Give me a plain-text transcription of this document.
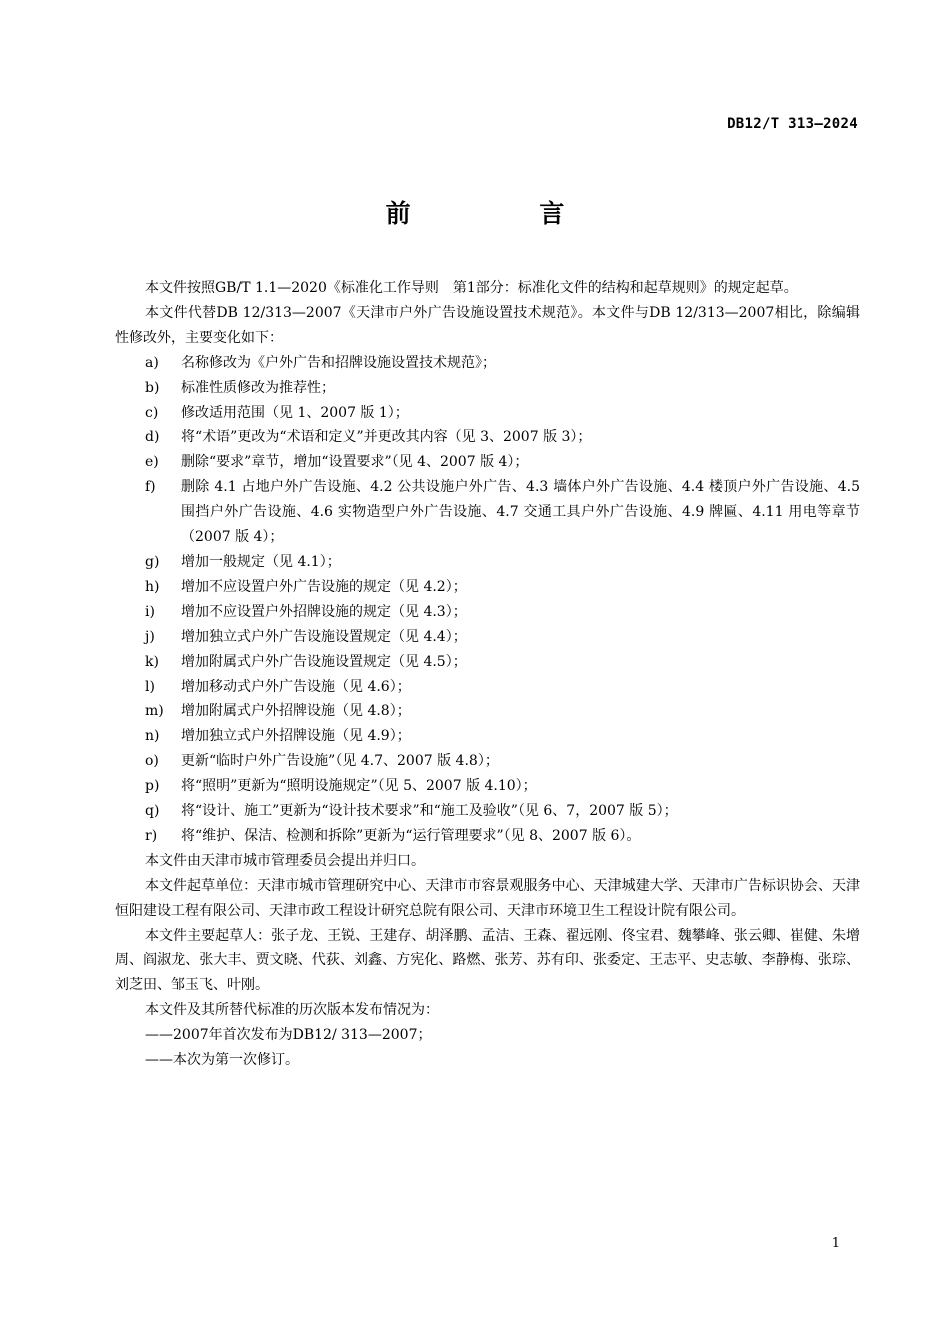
DB12/T 313—2024
前 言

本文件按照GB/T 1.1—2020《标准化工作导则　第1部分：标准化文件的结构和起草规则》的规定起草。

本文件代替DB 12/313—2007《天津市户外广告设施设置技术规范》。本文件与DB 12/313—2007相比，除编辑性修改外，主要变化如下：

a) 名称修改为《户外广告和招牌设施设置技术规范》；
b) 标准性质修改为推荐性；
c) 修改适用范围（见 1、2007 版 1）；
d) 将“术语”更改为“术语和定义”并更改其内容（见 3、2007 版 3）；
e) 删除“要求”章节，增加“设置要求”（见 4、2007 版 4）；
f) 删除 4.1 占地户外广告设施、4.2 公共设施户外广告、4.3 墙体户外广告设施、4.4 楼顶户外广告设施、4.5 围挡户外广告设施、4.6 实物造型户外广告设施、4.7 交通工具户外广告设施、4.9 牌匾、4.11 用电等章节（2007 版 4）；
g) 增加一般规定（见 4.1）；
h) 增加不应设置户外广告设施的规定（见 4.2）；
i) 增加不应设置户外招牌设施的规定（见 4.3）；
j) 增加独立式户外广告设施设置规定（见 4.4）；
k) 增加附属式户外广告设施设置规定（见 4.5）；
l) 增加移动式户外广告设施（见 4.6）；
m) 增加附属式户外招牌设施（见 4.8）；
n) 增加独立式户外招牌设施（见 4.9）；
o) 更新“临时户外广告设施”（见 4.7、2007 版 4.8）；
p) 将“照明”更新为“照明设施规定”（见 5、2007 版 4.10）；
q) 将“设计、施工”更新为“设计技术要求”和“施工及验收”（见 6、7，2007 版 5）；
r) 将“维护、保洁、检测和拆除”更新为“运行管理要求”（见 8、2007 版 6）。

本文件由天津市城市管理委员会提出并归口。

本文件起草单位：天津市城市管理研究中心、天津市市容景观服务中心、天津城建大学、天津市广告标识协会、天津恒阳建设工程有限公司、天津市政工程设计研究总院有限公司、天津市环境卫生工程设计院有限公司。

本文件主要起草人：张子龙、王锐、王建存、胡泽鹏、孟洁、王森、翟远刚、佟宝君、魏攀峰、张云卿、崔健、朱增周、阎淑龙、张大丰、贾文晓、代荻、刘鑫、方宪化、路燃、张芳、苏有印、张委定、王志平、史志敏、李静梅、张琮、刘芝田、邹玉飞、叶刚。

本文件及其所替代标准的历次版本发布情况为：

——2007年首次发布为DB12/ 313—2007；
——本次为第一次修订。
1
